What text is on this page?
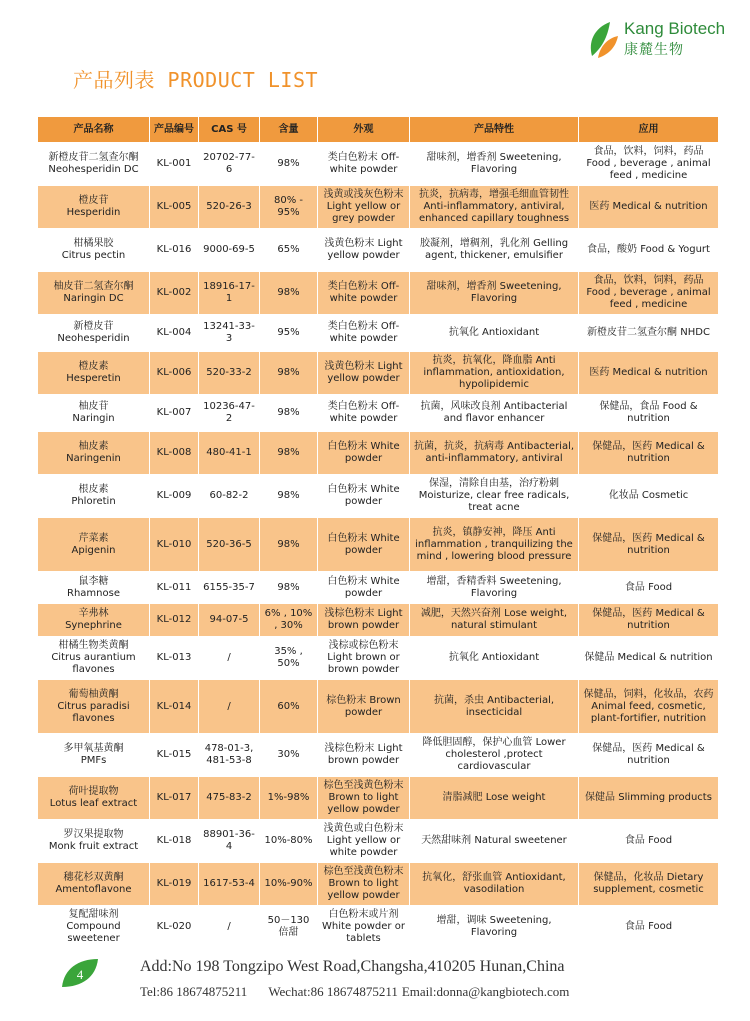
Kang Biotech
康麓生物
产品列表 PRODUCT LIST
产品名称	产品编号	CAS 号	含量	外观	产品特性	应用

新橙皮苷二氢查尔酮
Neohesperidin DC	KL-001	20702-77-6	98%	类白色粉末 Off-white powder	甜味剂，增香剂 Sweetening, Flavoring	食品，饮料，饲料，药品 Food , beverage , animal feed , medicine

橙皮苷
Hesperidin	KL-005	520-26-3	80% - 95%	浅黄或浅灰色粉末 Light yellow or grey powder	抗炎，抗病毒，增强毛细血管韧性 Anti-inflammatory, antiviral, enhanced capillary toughness	医药 Medical & nutrition

柑橘果胶
Citrus pectin	KL-016	9000-69-5	65%	浅黄色粉末 Light yellow powder	胶凝剂，增稠剂，乳化剂 Gelling agent, thickener, emulsifier	食品，酸奶 Food & Yogurt

柚皮苷二氢查尔酮
Naringin DC	KL-002	18916-17-1	98%	类白色粉末 Off-white powder	甜味剂，增香剂 Sweetening, Flavoring	食品，饮料，饲料，药品 Food , beverage , animal feed , medicine

新橙皮苷
Neohesperidin	KL-004	13241-33-3	95%	类白色粉末 Off-white powder	抗氧化 Antioxidant	新橙皮苷二氢查尔酮 NHDC

橙皮素
Hesperetin	KL-006	520-33-2	98%	浅黄色粉末 Light yellow powder	抗炎，抗氧化，降血脂 Anti inflammation, antioxidation, hypolipidemic	医药 Medical & nutrition

柚皮苷
Naringin	KL-007	10236-47-2	98%	类白色粉末 Off-white powder	抗菌，风味改良剂 Antibacterial and flavor enhancer	保健品，食品 Food & nutrition

柚皮素
Naringenin	KL-008	480-41-1	98%	白色粉末 White powder	抗菌，抗炎，抗病毒 Antibacterial, anti-inflammatory, antiviral	保健品，医药 Medical & nutrition

根皮素
Phloretin	KL-009	60-82-2	98%	白色粉末 White powder	保湿，清除自由基，治疗粉刺 Moisturize, clear free radicals, treat acne	化妆品 Cosmetic

芹菜素
Apigenin	KL-010	520-36-5	98%	白色粉末 White powder	抗炎，镇静安神，降压 Anti inflammation , tranquilizing the mind , lowering blood pressure	保健品，医药 Medical & nutrition

鼠李糖
Rhamnose	KL-011	6155-35-7	98%	白色粉末 White powder	增甜，香精香料 Sweetening, Flavoring	食品 Food

辛弗林
Synephrine	KL-012	94-07-5	6% , 10% , 30%	浅棕色粉末 Light brown powder	减肥，天然兴奋剂 Lose weight, natural stimulant	保健品，医药 Medical & nutrition

柑橘生物类黄酮
Citrus aurantium flavones	KL-013	/	35% , 50%	浅棕或棕色粉末 Light brown or brown powder	抗氧化 Antioxidant	保健品 Medical & nutrition

葡萄柚黄酮
Citrus paradisi flavones	KL-014	/	60%	棕色粉末 Brown powder	抗菌，杀虫 Antibacterial, insecticidal	保健品，饲料，化妆品，农药 Animal feed, cosmetic, plant-fortifier, nutrition

多甲氧基黄酮
PMFs	KL-015	478-01-3, 481-53-8	30%	浅棕色粉末 Light brown powder	降低胆固醇，保护心血管 Lower cholesterol ,protect cardiovascular	保健品，医药 Medical & nutrition

荷叶提取物
Lotus leaf extract	KL-017	475-83-2	1%-98%	棕色至浅黄色粉末 Brown to light yellow powder	清脂减肥 Lose weight	保健品 Slimming products

罗汉果提取物
Monk fruit extract	KL-018	88901-36-4	10%-80%	浅黄色或白色粉末 Light yellow or white powder	天然甜味剂 Natural sweetener	食品 Food

穗花杉双黄酮
Amentoflavone	KL-019	1617-53-4	10%-90%	棕色至浅黄色粉末 Brown to light yellow powder	抗氧化，舒张血管 Antioxidant, vasodilation	保健品，化妆品 Dietary supplement, cosmetic

复配甜味剂
Compound sweetener	KL-020	/	50－130 倍甜	白色粉末或片剂 White powder or tablets	增甜，调味 Sweetening, Flavoring	食品 Food
4	Add:No 198 Tongzipo West Road,Changsha,410205 Hunan,China
Tel:86 18674875211 Wechat:86 18674875211 Email:donna@kangbiotech.com
